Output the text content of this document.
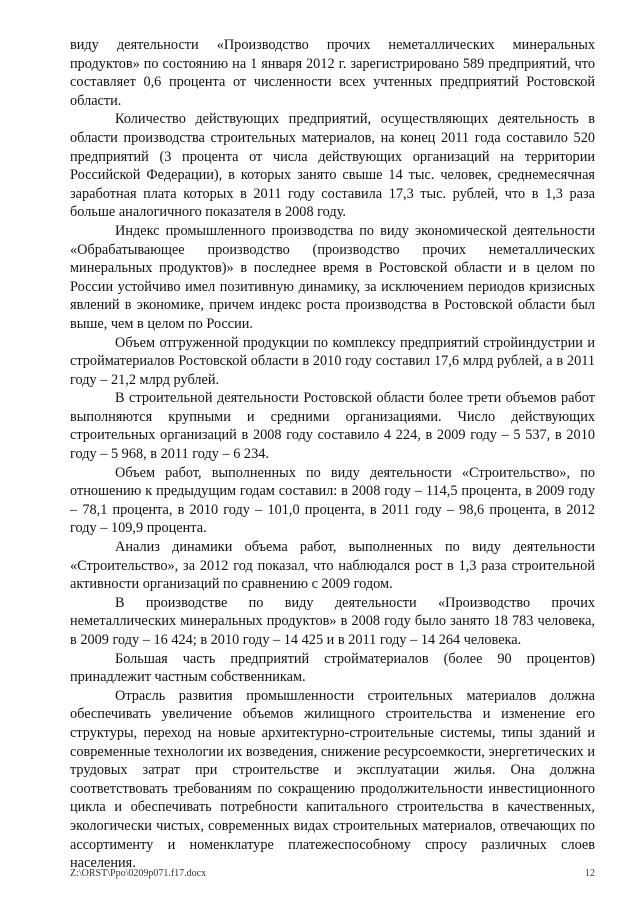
виду деятельности «Производство прочих неметаллических минеральных продуктов» по состоянию на 1 января 2012 г. зарегистрировано 589 предприятий, что составляет 0,6 процента от численности всех учтенных предприятий Ростовской области.

Количество действующих предприятий, осуществляющих деятельность в области производства строительных материалов, на конец 2011 года составило 520 предприятий (3 процента от числа действующих организаций на территории Российской Федерации), в которых занято свыше 14 тыс. человек, среднемесячная заработная плата которых в 2011 году составила 17,3 тыс. рублей, что в 1,3 раза больше аналогичного показателя в 2008 году.

Индекс промышленного производства по виду экономической деятельности «Обрабатывающее производство (производство прочих неметаллических минеральных продуктов)» в последнее время в Ростовской области и в целом по России устойчиво имел позитивную динамику, за исключением периодов кризисных явлений в экономике, причем индекс роста производства в Ростовской области был выше, чем в целом по России.

Объем отгруженной продукции по комплексу предприятий стройиндустрии и стройматериалов Ростовской области в 2010 году составил 17,6 млрд рублей, а в 2011 году – 21,2 млрд рублей.

В строительной деятельности Ростовской области более трети объемов работ выполняются крупными и средними организациями. Число действующих строительных организаций в 2008 году составило 4 224, в 2009 году – 5 537, в 2010 году – 5 968, в 2011 году – 6 234.

Объем работ, выполненных по виду деятельности «Строительство», по отношению к предыдущим годам составил: в 2008 году – 114,5 процента, в 2009 году – 78,1 процента, в 2010 году – 101,0 процента, в 2011 году – 98,6 процента, в 2012 году – 109,9 процента.

Анализ динамики объема работ, выполненных по виду деятельности «Строительство», за 2012 год показал, что наблюдался рост в 1,3 раза строительной активности организаций по сравнению с 2009 годом.

В производстве по виду деятельности «Производство прочих неметаллических минеральных продуктов» в 2008 году было занято 18 783 человека, в 2009 году – 16 424; в 2010 году – 14 425 и в 2011 году – 14 264 человека.

Большая часть предприятий стройматериалов (более 90 процентов) принадлежит частным собственникам.

Отрасль развития промышленности строительных материалов должна обеспечивать увеличение объемов жилищного строительства и изменение его структуры, переход на новые архитектурно-строительные системы, типы зданий и современные технологии их возведения, снижение ресурсоемкости, энергетических и трудовых затрат при строительстве и эксплуатации жилья. Она должна соответствовать требованиям по сокращению продолжительности инвестиционного цикла и обеспечивать потребности капитального строительства в качественных, экологически чистых, современных видах строительных материалов, отвечающих по ассортименту и номенклатуре платежеспособному спросу различных слоев населения.

Z:\ORST\Ppo\0209p071.f17.docx	12
